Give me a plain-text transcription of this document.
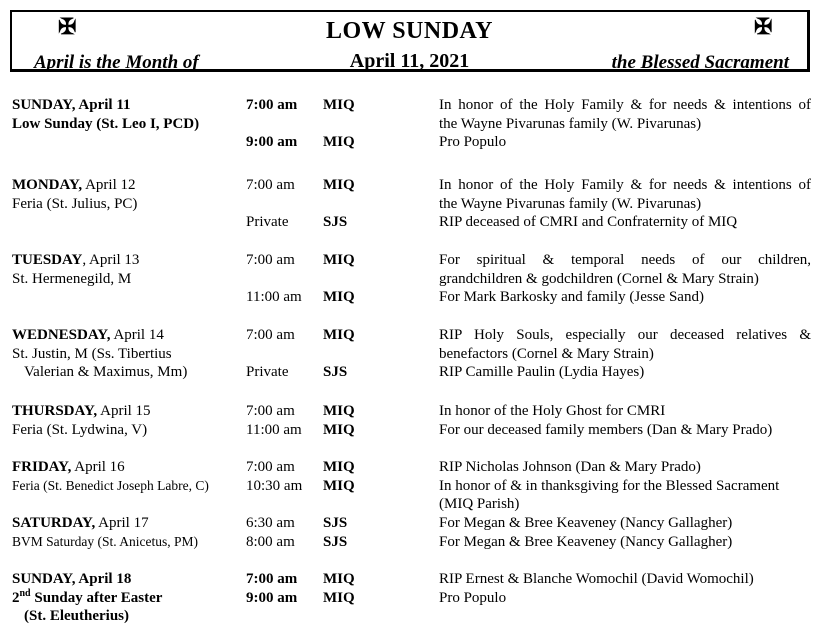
✠	✠
LOW SUNDAY
April 11, 2021
April is the Month of	the Blessed Sacrament
SUNDAY, April 11	7:00 am MIQ	In honor of the Holy Family & for needs & intentions of
Low Sunday (St. Leo I, PCD)	the Wayne Pivarunas family (W. Pivarunas)
9:00 am MIQ	Pro Populo
MONDAY, April 12	7:00 am MIQ	In honor of the Holy Family & for needs & intentions of
Feria (St. Julius, PC)	the Wayne Pivarunas family (W. Pivarunas)
Private SJS	RIP deceased of CMRI and Confraternity of MIQ
TUESDAY, April 13	7:00 am MIQ	For spiritual & temporal needs of our children,
St. Hermenegild, M	grandchildren & godchildren (Cornel & Mary Strain)
11:00 am MIQ	For Mark Barkosky and family (Jesse Sand)
WEDNESDAY, April 14	7:00 am MIQ	RIP Holy Souls, especially our deceased relatives &
St. Justin, M (Ss. Tibertius	benefactors (Cornel & Mary Strain)
Valerian & Maximus, Mm)	Private SJS	RIP Camille Paulin (Lydia Hayes)
THURSDAY, April 15	7:00 am MIQ	In honor of the Holy Ghost for CMRI
Feria (St. Lydwina, V)	11:00 am MIQ	For our deceased family members (Dan & Mary Prado)
FRIDAY, April 16	7:00 am MIQ	RIP Nicholas Johnson (Dan & Mary Prado)
Feria (St. Benedict Joseph Labre, C) 10:30 am MIQ	In honor of & in thanksgiving for the Blessed Sacrament
(MIQ Parish)
SATURDAY, April 17	6:30 am SJS	For Megan & Bree Keaveney (Nancy Gallagher)
BVM Saturday (St. Anicetus, PM)	8:00 am SJS	For Megan & Bree Keaveney (Nancy Gallagher)
SUNDAY, April 18	7:00 am MIQ	RIP Ernest & Blanche Womochil (David Womochil)
2nd Sunday after Easter	9:00 am MIQ	Pro Populo
(St. Eleutherius)
